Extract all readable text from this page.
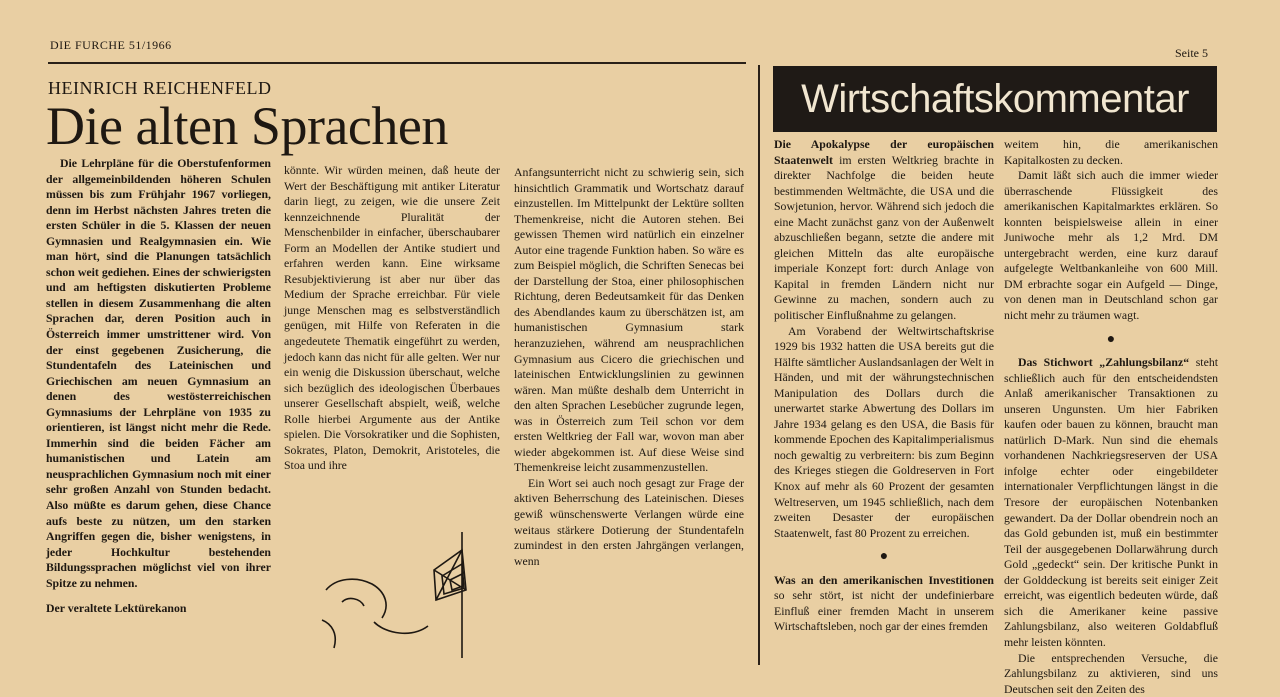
DIE FURCHE 51/1966
Seite 5
HEINRICH REICHENFELD
Die alten Sprachen

Die Lehrpläne für die Oberstufenformen der allgemeinbildenden höheren Schulen müssen bis zum Frühjahr 1967 vorliegen, denn im Herbst nächsten Jahres treten die ersten Schüler in die 5. Klassen der neuen Gymnasien und Realgymnasien ein. Wie man hört, sind die Planungen tatsächlich schon weit gediehen. Eines der schwierigsten und am heftigsten diskutierten Probleme stellen in diesem Zusammenhang die alten Sprachen dar, deren Position auch in Österreich immer umstrittener wird. Von der einst gegebenen Zusicherung, die Stundentafeln des Lateinischen und Griechischen am neuen Gymnasium an denen des westösterreichischen Gymnasiums der Lehrpläne von 1935 zu orientieren, ist längst nicht mehr die Rede. Immerhin sind die beiden Fächer am humanistischen und Latein am neusprachlichen Gymnasium noch mit einer sehr großen Anzahl von Stunden bedacht. Also müßte es darum gehen, diese Chance aufs beste zu nützen, um den starken Angriffen gegen die, bisher wenigstens, in jeder Hochkultur bestehenden Bildungssprachen möglichst viel von ihrer Spitze zu nehmen.

Der veraltete Lektürekanon

könnte. Wir würden meinen, daß heute der Wert der Beschäftigung mit antiker Literatur darin liegt, zu zeigen, wie die unsere Zeit kennzeichnende Pluralität der Menschenbilder in einfacher, überschaubarer Form an Modellen der Antike studiert und erfahren werden kann. Eine wirksame Resubjektivierung ist aber nur über das Medium der Sprache erreichbar. Für viele junge Menschen mag es selbstverständlich genügen, mit Hilfe von Referaten in die angedeutete Thematik eingeführt zu werden, jedoch kann das nicht für alle gelten. Wer nur ein wenig die Diskussion überschaut, welche sich bezüglich des ideologischen Überbaues unserer Gesellschaft abspielt, weiß, welche Rolle hierbei Argumente aus der Antike spielen. Die Vorsokratiker und die Sophisten, Sokrates, Platon, Demokrit, Aristoteles, die Stoa und ihre

Anfangsunterricht nicht zu schwierig sein, sich hinsichtlich Grammatik und Wortschatz darauf einzustellen. Im Mittelpunkt der Lektüre sollten Themenkreise, nicht die Autoren stehen. Bei gewissen Themen wird natürlich ein einzelner Autor eine tragende Funktion haben. So wäre es zum Beispiel möglich, die Schriften Senecas bei der Darstellung der Stoa, einer philosophischen Richtung, deren Bedeutsamkeit für das Denken des Abendlandes kaum zu überschätzen ist, am humanistischen Gymnasium stark heranzuziehen, während am neusprachlichen Gymnasium aus Cicero die griechischen und lateinischen Entwicklungslinien zu gewinnen wären. Man müßte deshalb dem Unterricht in den alten Sprachen Lesebücher zugrunde legen, was in Österreich zum Teil schon vor dem ersten Weltkrieg der Fall war, wovon man aber wieder abgekommen ist. Auf diese Weise sind Themenkreise leicht zusammenzustellen.

Ein Wort sei auch noch gesagt zur Frage der aktiven Beherrschung des Lateinischen. Dieses gewiß wünschenswerte Verlangen würde eine weitaus stärkere Dotierung der Stundentafeln zumindest in den ersten Jahrgängen verlangen, wenn

Wirtschaftskommentar

Die Apokalypse der europäischen Staatenwelt im ersten Weltkrieg brachte in direkter Nachfolge die beiden heute bestimmenden Weltmächte, die USA und die Sowjetunion, hervor. Während sich jedoch die eine Macht zunächst ganz von der Außenwelt abzuschließen begann, setzte die andere mit gleichen Mitteln das alte europäische imperiale Konzept fort: durch Anlage von Kapital in fremden Ländern nicht nur Gewinne zu machen, sondern auch zu politischer Einflußnahme zu gelangen.

Am Vorabend der Weltwirtschaftskrise 1929 bis 1932 hatten die USA bereits gut die Hälfte sämtlicher Auslandsanlagen der Welt in Händen, und mit der währungstechnischen Manipulation des Dollars durch die unerwartet starke Abwertung des Dollars im Jahre 1934 gelang es den USA, die Basis für kommende Epochen des Kapitalimperialismus noch gewaltig zu verbreitern: bis zum Beginn des Krieges stiegen die Goldreserven in Fort Knox auf mehr als 60 Prozent der gesamten Weltreserven, um 1945 schließlich, nach dem zweiten Desaster der europäischen Staatenwelt, fast 80 Prozent zu erreichen.

●

Was an den amerikanischen Investitionen so sehr stört, ist nicht der undefinierbare Einfluß einer fremden Macht in unserem Wirtschaftsleben, noch gar der eines fremden

weitem hin, die amerikanischen Kapitalkosten zu decken.

Damit läßt sich auch die immer wieder überraschende Flüssigkeit des amerikanischen Kapitalmarktes erklären. So konnten beispielsweise allein in einer Juniwoche mehr als 1,2 Mrd. DM untergebracht werden, eine kurz darauf aufgelegte Weltbankanleihe von 600 Mill. DM erbrachte sogar ein Aufgeld — Dinge, von denen man in Deutschland schon gar nicht mehr zu träumen wagt.

●

Das Stichwort „Zahlungsbilanz“ steht schließlich auch für den entscheidendsten Anlaß amerikanischer Transaktionen zu unseren Ungunsten. Um hier Fabriken kaufen oder bauen zu können, braucht man natürlich D-Mark. Nun sind die ehemals vorhandenen Nachkriegsreserven der USA infolge echter oder eingebildeter internationaler Verpflichtungen längst in die Tresore der europäischen Notenbanken gewandert. Da der Dollar obendrein noch an das Gold gebunden ist, muß ein bestimmter Teil der ausgegebenen Dollarwährung durch Gold „gedeckt“ sein. Der kritische Punkt in der Golddeckung ist bereits seit einiger Zeit erreicht, was eigentlich bedeuten würde, daß sich die Amerikaner keine passive Zahlungsbilanz, also weiteren Goldabfluß mehr leisten könnten.

Die entsprechenden Versuche, die Zahlungsbilanz zu aktivieren, sind uns Deutschen seit den Zeiten des
